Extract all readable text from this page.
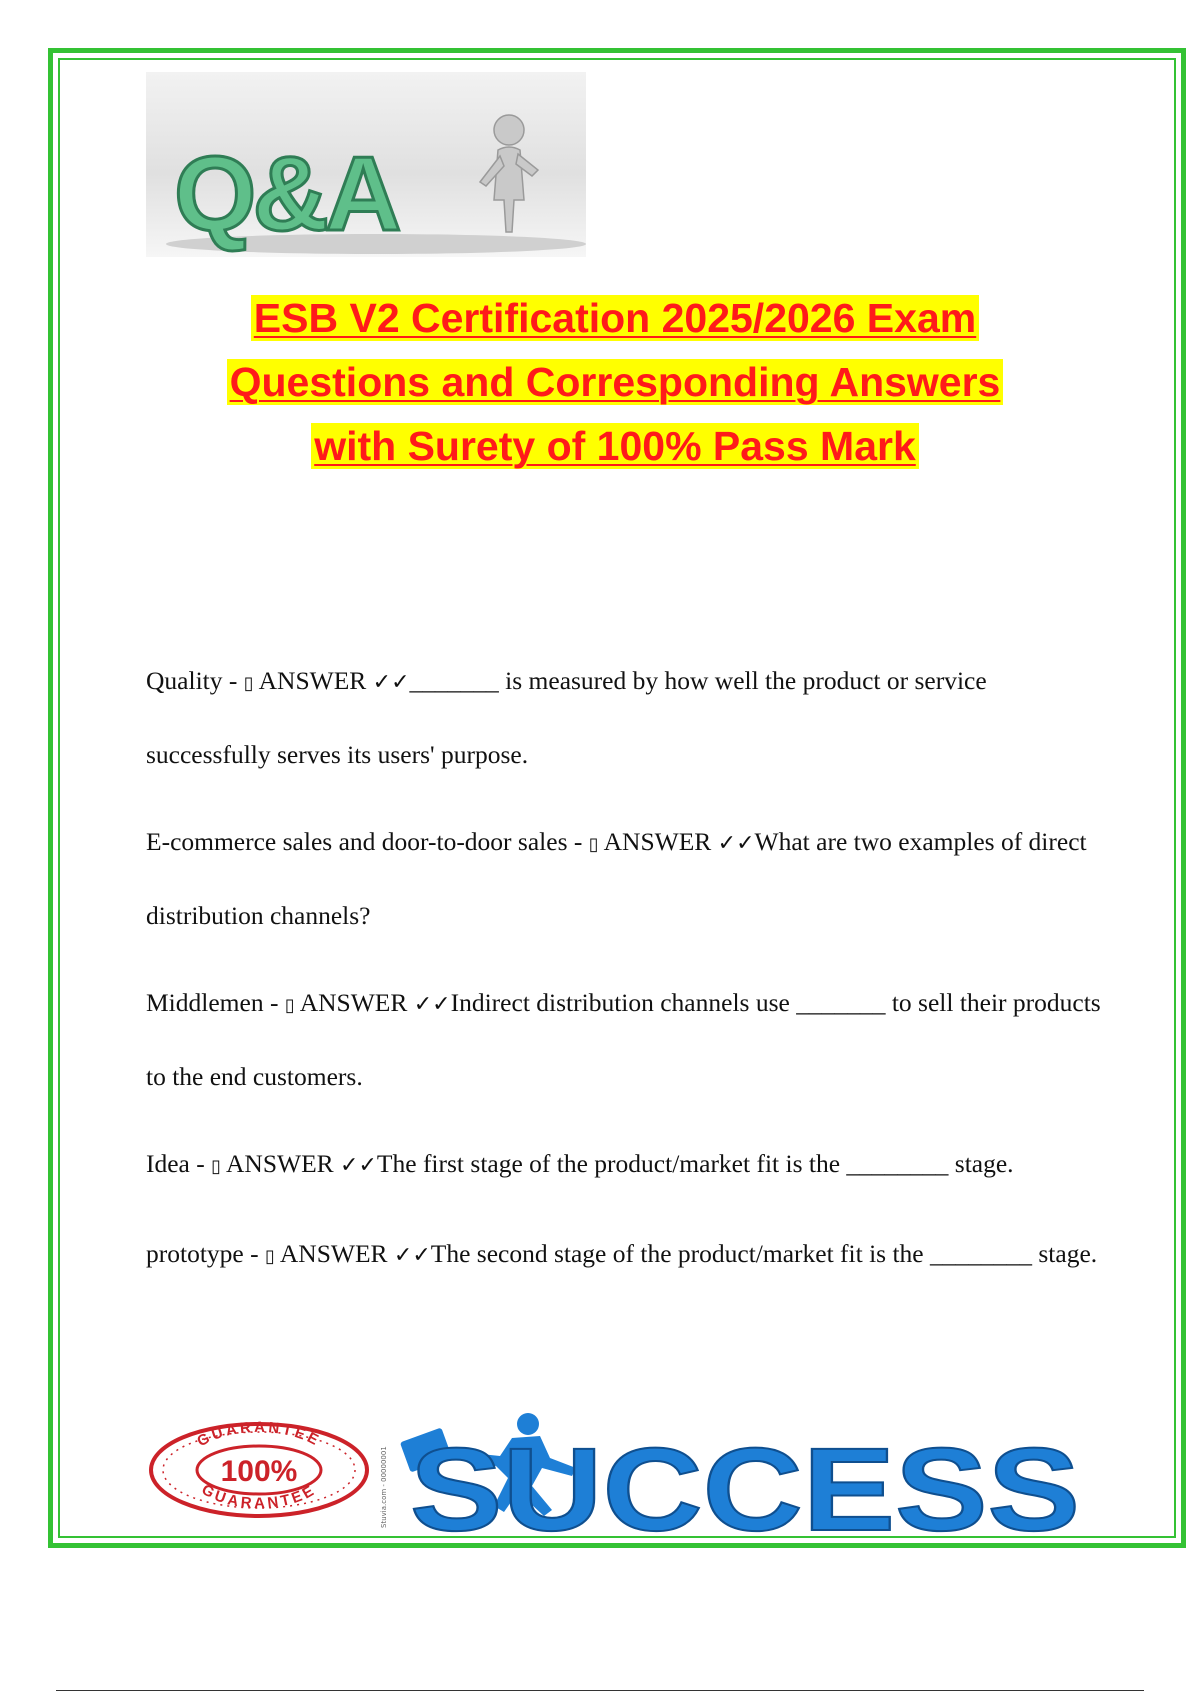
Q&A
ESB V2 Certification 2025/2026 Exam
Questions and Corresponding Answers
with Surety of 100% Pass Mark
Quality - ▯ ANSWER ✓✓_______ is measured by how well the product or service successfully serves its users' purpose.
E-commerce sales and door-to-door sales - ▯ ANSWER ✓✓What are two examples of direct distribution channels?
Middlemen - ▯ ANSWER ✓✓Indirect distribution channels use _______ to sell their products to the end customers.
Idea - ▯ ANSWER ✓✓The first stage of the product/market fit is the ________ stage.
prototype - ▯ ANSWER ✓✓The second stage of the product/market fit is the ________ stage.
GUARANTEE
GUARANTEE
100%	Stuvia.com - 00000001 SUCCESS
